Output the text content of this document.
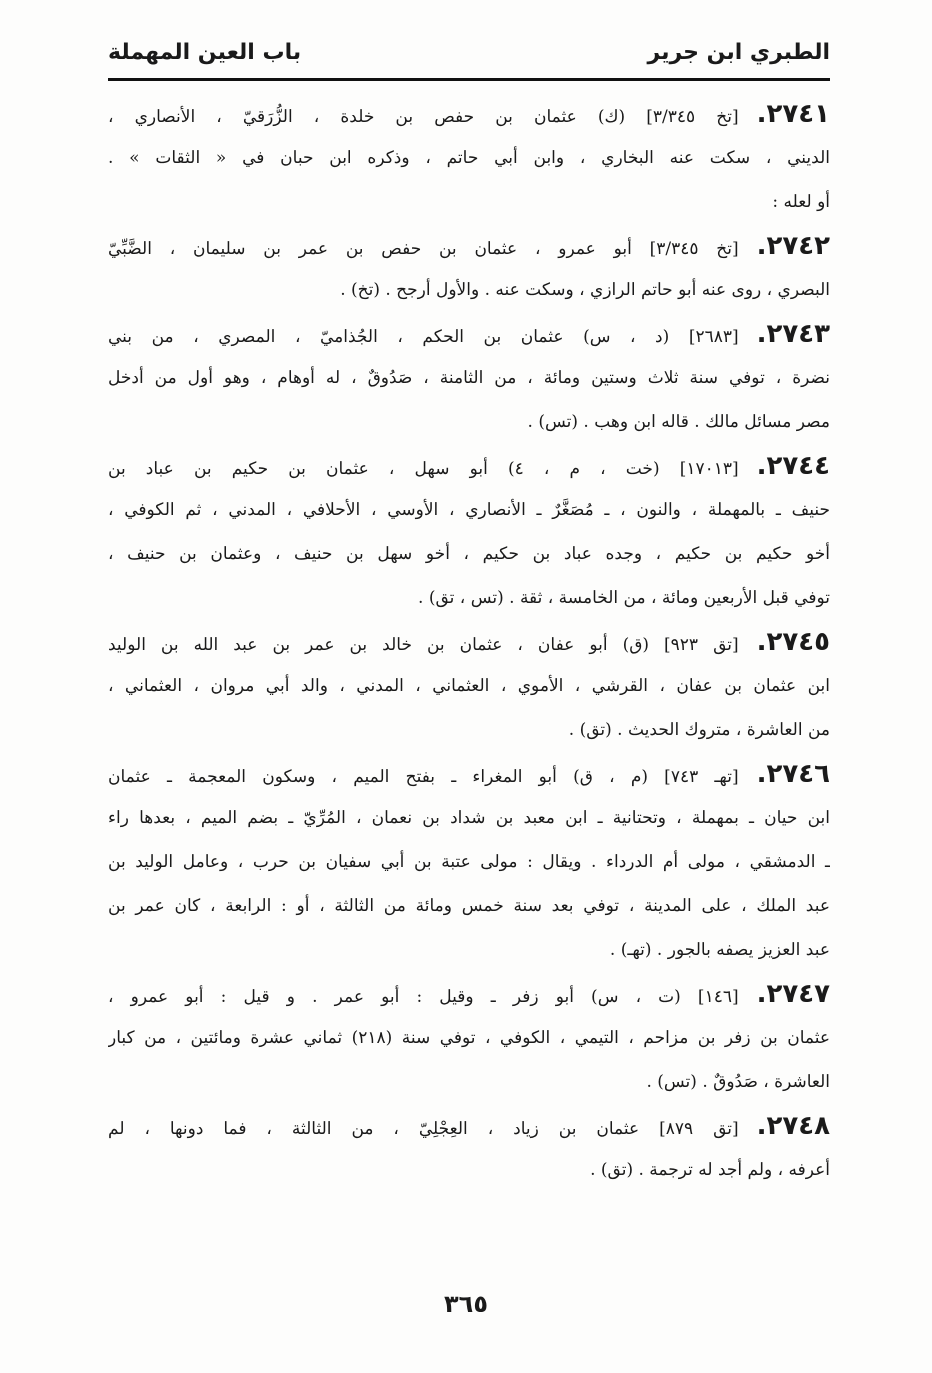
الطبري ابن جرير
باب العين المهملة
٢٧٤١.[تخ ٣/٣٤٥] (ك) عثمان بن حفص بن خلدة ، الزُّرَقيّ ، الأنصاري ،
الديني ، سكت عنه البخاري ، وابن أبي حاتم ، وذكره ابن حبان في « الثقات » .
أو لعله :
٢٧٤٢.[تخ ٣/٣٤٥] أبو عمرو ، عثمان بن حفص بن عمر بن سليمان ، الضَّبِّيّ
البصري ، روى عنه أبو حاتم الرازي ، وسكت عنه . والأول أرجح . (تخ) .
٢٧٤٣.[٢٦٨٣] (د ، س) عثمان بن الحكم ، الجُذاميّ ، المصري ، من بني
نضرة ، توفي سنة ثلاث وستين ومائة ، من الثامنة ، صَدُوقٌ ، له أوهام ، وهو أول من أدخل
مصر مسائل مالك . قاله ابن وهب . (تس) .
٢٧٤٤.[١٧٠١٣] (خت ، م ، ٤) أبو سهل ، عثمان بن حكيم بن عباد بن
حنيف ـ بالمهملة ، والنون ، ـ مُصَغَّرٌ ـ الأنصاري ، الأوسي ، الأحلافي ، المدني ، ثم الكوفي ،
أخو حكيم بن حكيم ، وجده عباد بن حكيم ، أخو سهل بن حنيف ، وعثمان بن حنيف ،
توفي قبل الأربعين ومائة ، من الخامسة ، ثقة . (تس ، تق) .
٢٧٤٥.[تق ٩٢٣] (ق) أبو عفان ، عثمان بن خالد بن عمر بن عبد الله بن الوليد
ابن عثمان بن عفان ، القرشي ، الأموي ، العثماني ، المدني ، والد أبي مروان ، العثماني ،
من العاشرة ، متروك الحديث . (تق) .
٢٧٤٦.[تهـ ٧٤٣] (م ، ق) أبو المغراء ـ بفتح الميم ، وسكون المعجمة ـ عثمان
ابن حيان ـ بمهملة ، وتحتانية ـ ابن معبد بن شداد بن نعمان ، المُرِّيّ ـ بضم الميم ، بعدها راء
ـ الدمشقي ، مولى أم الدرداء . ويقال : مولى عتبة بن أبي سفيان بن حرب ، وعامل الوليد بن
عبد الملك ، على المدينة ، توفي بعد سنة خمس ومائة من الثالثة ، أو : الرابعة ، كان عمر بن
عبد العزيز يصفه بالجور . (تهـ) .
٢٧٤٧.[١٤٦] (ت ، س) أبو زفر ـ وقيل : أبو عمر . و قيل : أبو عمرو ،
عثمان بن زفر بن مزاحم ، التيمي ، الكوفي ، توفي سنة (٢١٨) ثماني عشرة ومائتين ، من كبار
العاشرة ، صَدُوقٌ . (تس) .
٢٧٤٨.[تق ٨٧٩] عثمان بن زياد ، العِجْلِيّ ، من الثالثة ، فما دونها ، لم
أعرفه ، ولم أجد له ترجمة . (تق) .
٣٦٥
